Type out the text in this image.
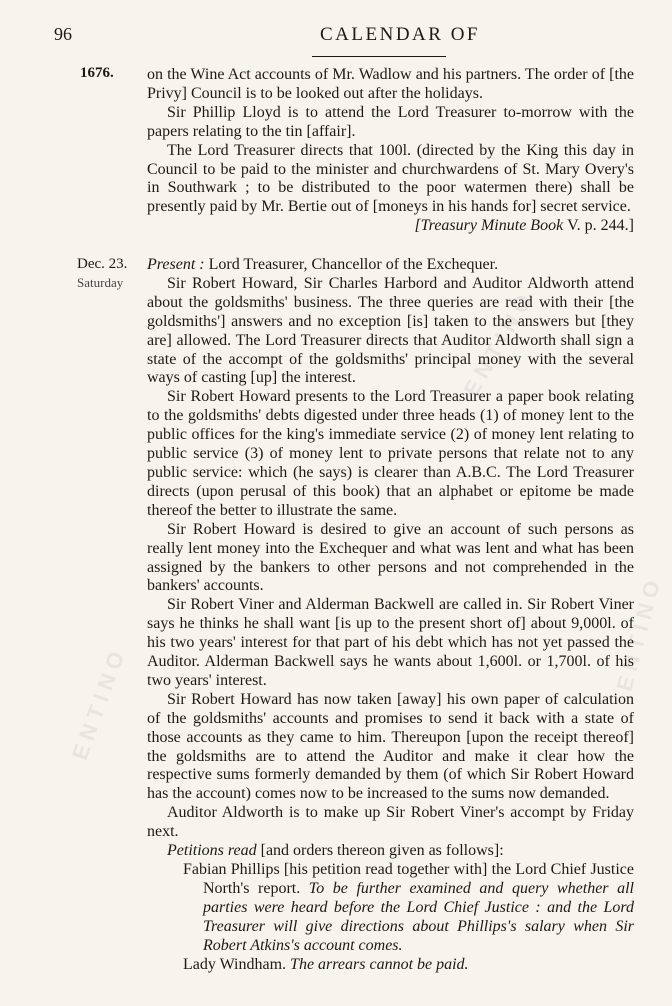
ENTINO
ENTINO
ENTINO
96	CALENDAR OF
1676.
Dec. 23.
Saturday

on the Wine Act accounts of Mr. Wadlow and his partners. The order of [the Privy] Council is to be looked out after the holidays.

Sir Phillip Lloyd is to attend the Lord Treasurer to-morrow with the papers relating to the tin [affair].

The Lord Treasurer directs that 100l. (directed by the King this day in Council to be paid to the minister and churchwardens of St. Mary Overy's in Southwark ; to be distributed to the poor watermen there) shall be presently paid by Mr. Bertie out of [moneys in his hands for] secret service.

[Treasury Minute Book V. p. 244.]

Present : Lord Treasurer, Chancellor of the Exchequer.

Sir Robert Howard, Sir Charles Harbord and Auditor Aldworth attend about the goldsmiths' business. The three queries are read with their [the goldsmiths'] answers and no exception [is] taken to the answers but [they are] allowed. The Lord Treasurer directs that Auditor Aldworth shall sign a state of the accompt of the goldsmiths' principal money with the several ways of casting [up] the interest.

Sir Robert Howard presents to the Lord Treasurer a paper book relating to the goldsmiths' debts digested under three heads (1) of money lent to the public offices for the king's immediate service (2) of money lent relating to public service (3) of money lent to private persons that relate not to any public service: which (he says) is clearer than A.B.C. The Lord Treasurer directs (upon perusal of this book) that an alphabet or epitome be made thereof the better to illustrate the same.

Sir Robert Howard is desired to give an account of such persons as really lent money into the Exchequer and what was lent and what has been assigned by the bankers to other persons and not comprehended in the bankers' accounts.

Sir Robert Viner and Alderman Backwell are called in. Sir Robert Viner says he thinks he shall want [is up to the present short of] about 9,000l. of his two years' interest for that part of his debt which has not yet passed the Auditor. Alderman Backwell says he wants about 1,600l. or 1,700l. of his two years' interest.

Sir Robert Howard has now taken [away] his own paper of calculation of the goldsmiths' accounts and promises to send it back with a state of those accounts as they came to him. Thereupon [upon the receipt thereof] the goldsmiths are to attend the Auditor and make it clear how the respective sums formerly demanded by them (of which Sir Robert Howard has the account) comes now to be increased to the sums now demanded.

Auditor Aldworth is to make up Sir Robert Viner's accompt by Friday next.

Petitions read [and orders thereon given as follows]:

Fabian Phillips [his petition read together with] the Lord Chief Justice North's report. To be further examined and query whether all parties were heard before the Lord Chief Justice : and the Lord Treasurer will give directions about Phillips's salary when Sir Robert Atkins's account comes.

Lady Windham. The arrears cannot be paid.
